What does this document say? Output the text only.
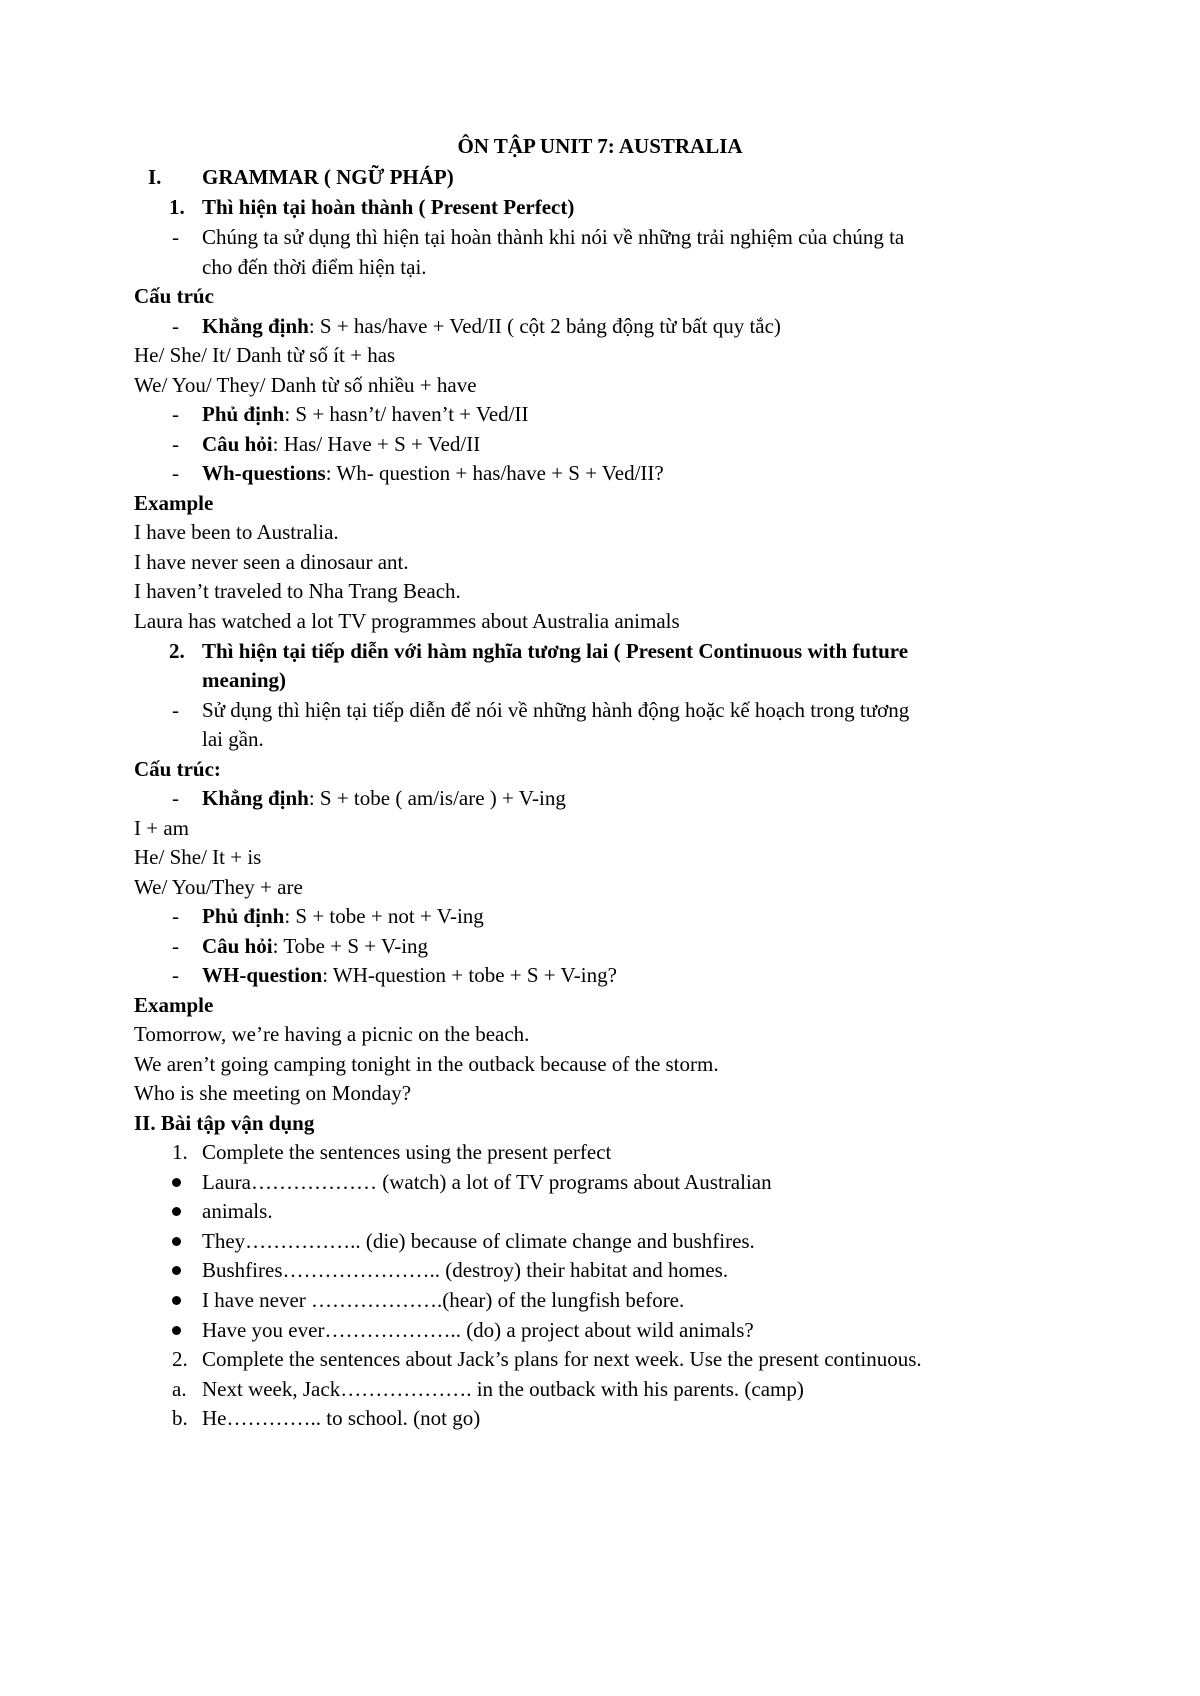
ÔN TẬP UNIT 7: AUSTRALIA
I. GRAMMAR ( NGỮ PHÁP)
1. Thì hiện tại hoàn thành ( Present Perfect)
- Chúng ta sử dụng thì hiện tại hoàn thành khi nói về những trải nghiệm của chúng ta
cho đến thời điểm hiện tại.
Cấu trúc
- Khẳng định: S + has/have + Ved/II ( cột 2 bảng động từ bất quy tắc)
He/ She/ It/ Danh từ số ít + has
We/ You/ They/ Danh từ số nhiều + have
- Phủ định: S + hasn’t/ haven’t + Ved/II
- Câu hỏi: Has/ Have + S + Ved/II
- Wh-questions: Wh- question + has/have + S + Ved/II?
Example
I have been to Australia.
I have never seen a dinosaur ant.
I haven’t traveled to Nha Trang Beach.
Laura has watched a lot TV programmes about Australia animals
2. Thì hiện tại tiếp diễn với hàm nghĩa tương lai ( Present Continuous with future
meaning)
- Sử dụng thì hiện tại tiếp diễn để nói về những hành động hoặc kế hoạch trong tương
lai gần.
Cấu trúc:
- Khẳng định: S + tobe ( am/is/are ) + V-ing
I + am
He/ She/ It + is
We/ You/They + are
- Phủ định: S + tobe + not + V-ing
- Câu hỏi: Tobe + S + V-ing
- WH-question: WH-question + tobe + S + V-ing?
Example
Tomorrow, we’re having a picnic on the beach.
We aren’t going camping tonight in the outback because of the storm.
Who is she meeting on Monday?
II. Bài tập vận dụng
1. Complete the sentences using the present perfect
Laura……………… (watch) a lot of TV programs about Australian
animals.
They…………….. (die) because of climate change and bushfires.
Bushfires………………….. (destroy) their habitat and homes.
I have never ……………….(hear) of the lungfish before.
Have you ever……………….. (do) a project about wild animals?
2. Complete the sentences about Jack’s plans for next week. Use the present continuous.
a. Next week, Jack………………. in the outback with his parents. (camp)
b. He………….. to school. (not go)
